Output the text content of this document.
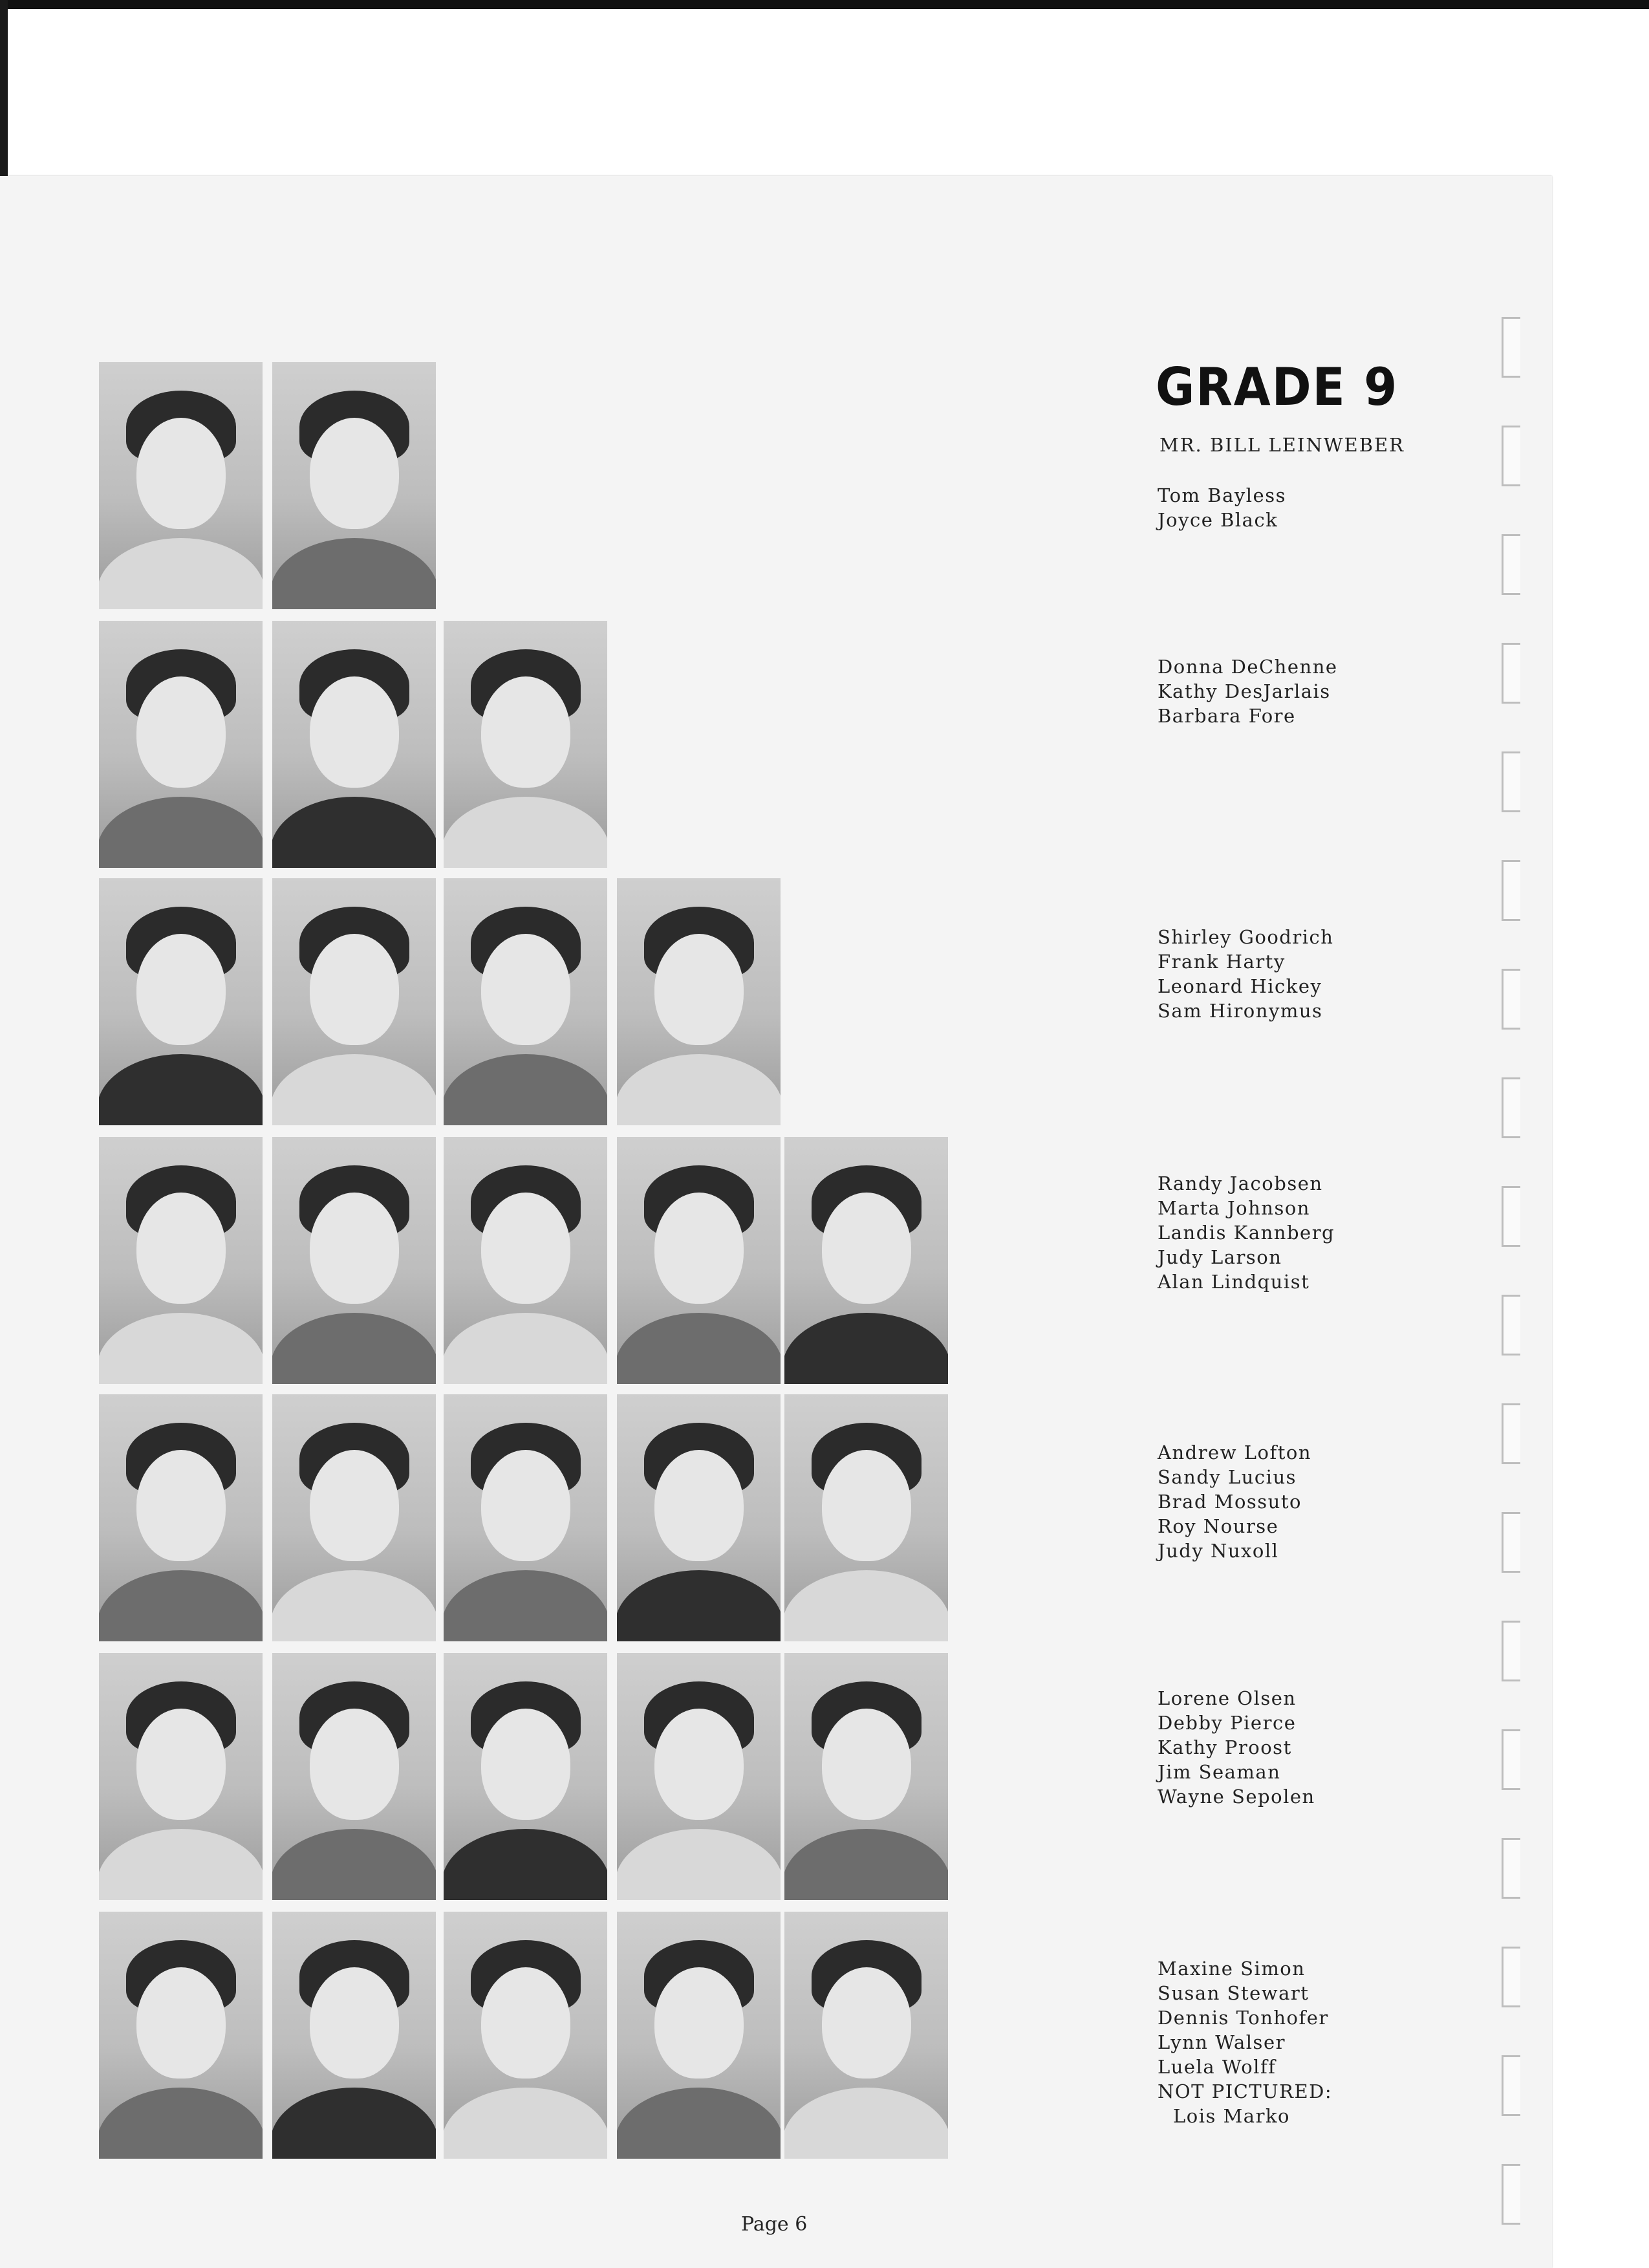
GRADE 9
MR. BILL LEINWEBER
Tom Bayless
Joyce Black
Donna DeChenne
Kathy DesJarlais
Barbara Fore
Shirley Goodrich
Frank Harty
Leonard Hickey
Sam Hironymus
Randy Jacobsen
Marta Johnson
Landis Kannberg
Judy Larson
Alan Lindquist
Andrew Lofton
Sandy Lucius
Brad Mossuto
Roy Nourse
Judy Nuxoll
Lorene Olsen
Debby Pierce
Kathy Proost
Jim Seaman
Wayne Sepolen
Maxine Simon
Susan Stewart
Dennis Tonhofer
Lynn Walser
Luela Wolff
NOT PICTURED:
Lois Marko
Page 6
